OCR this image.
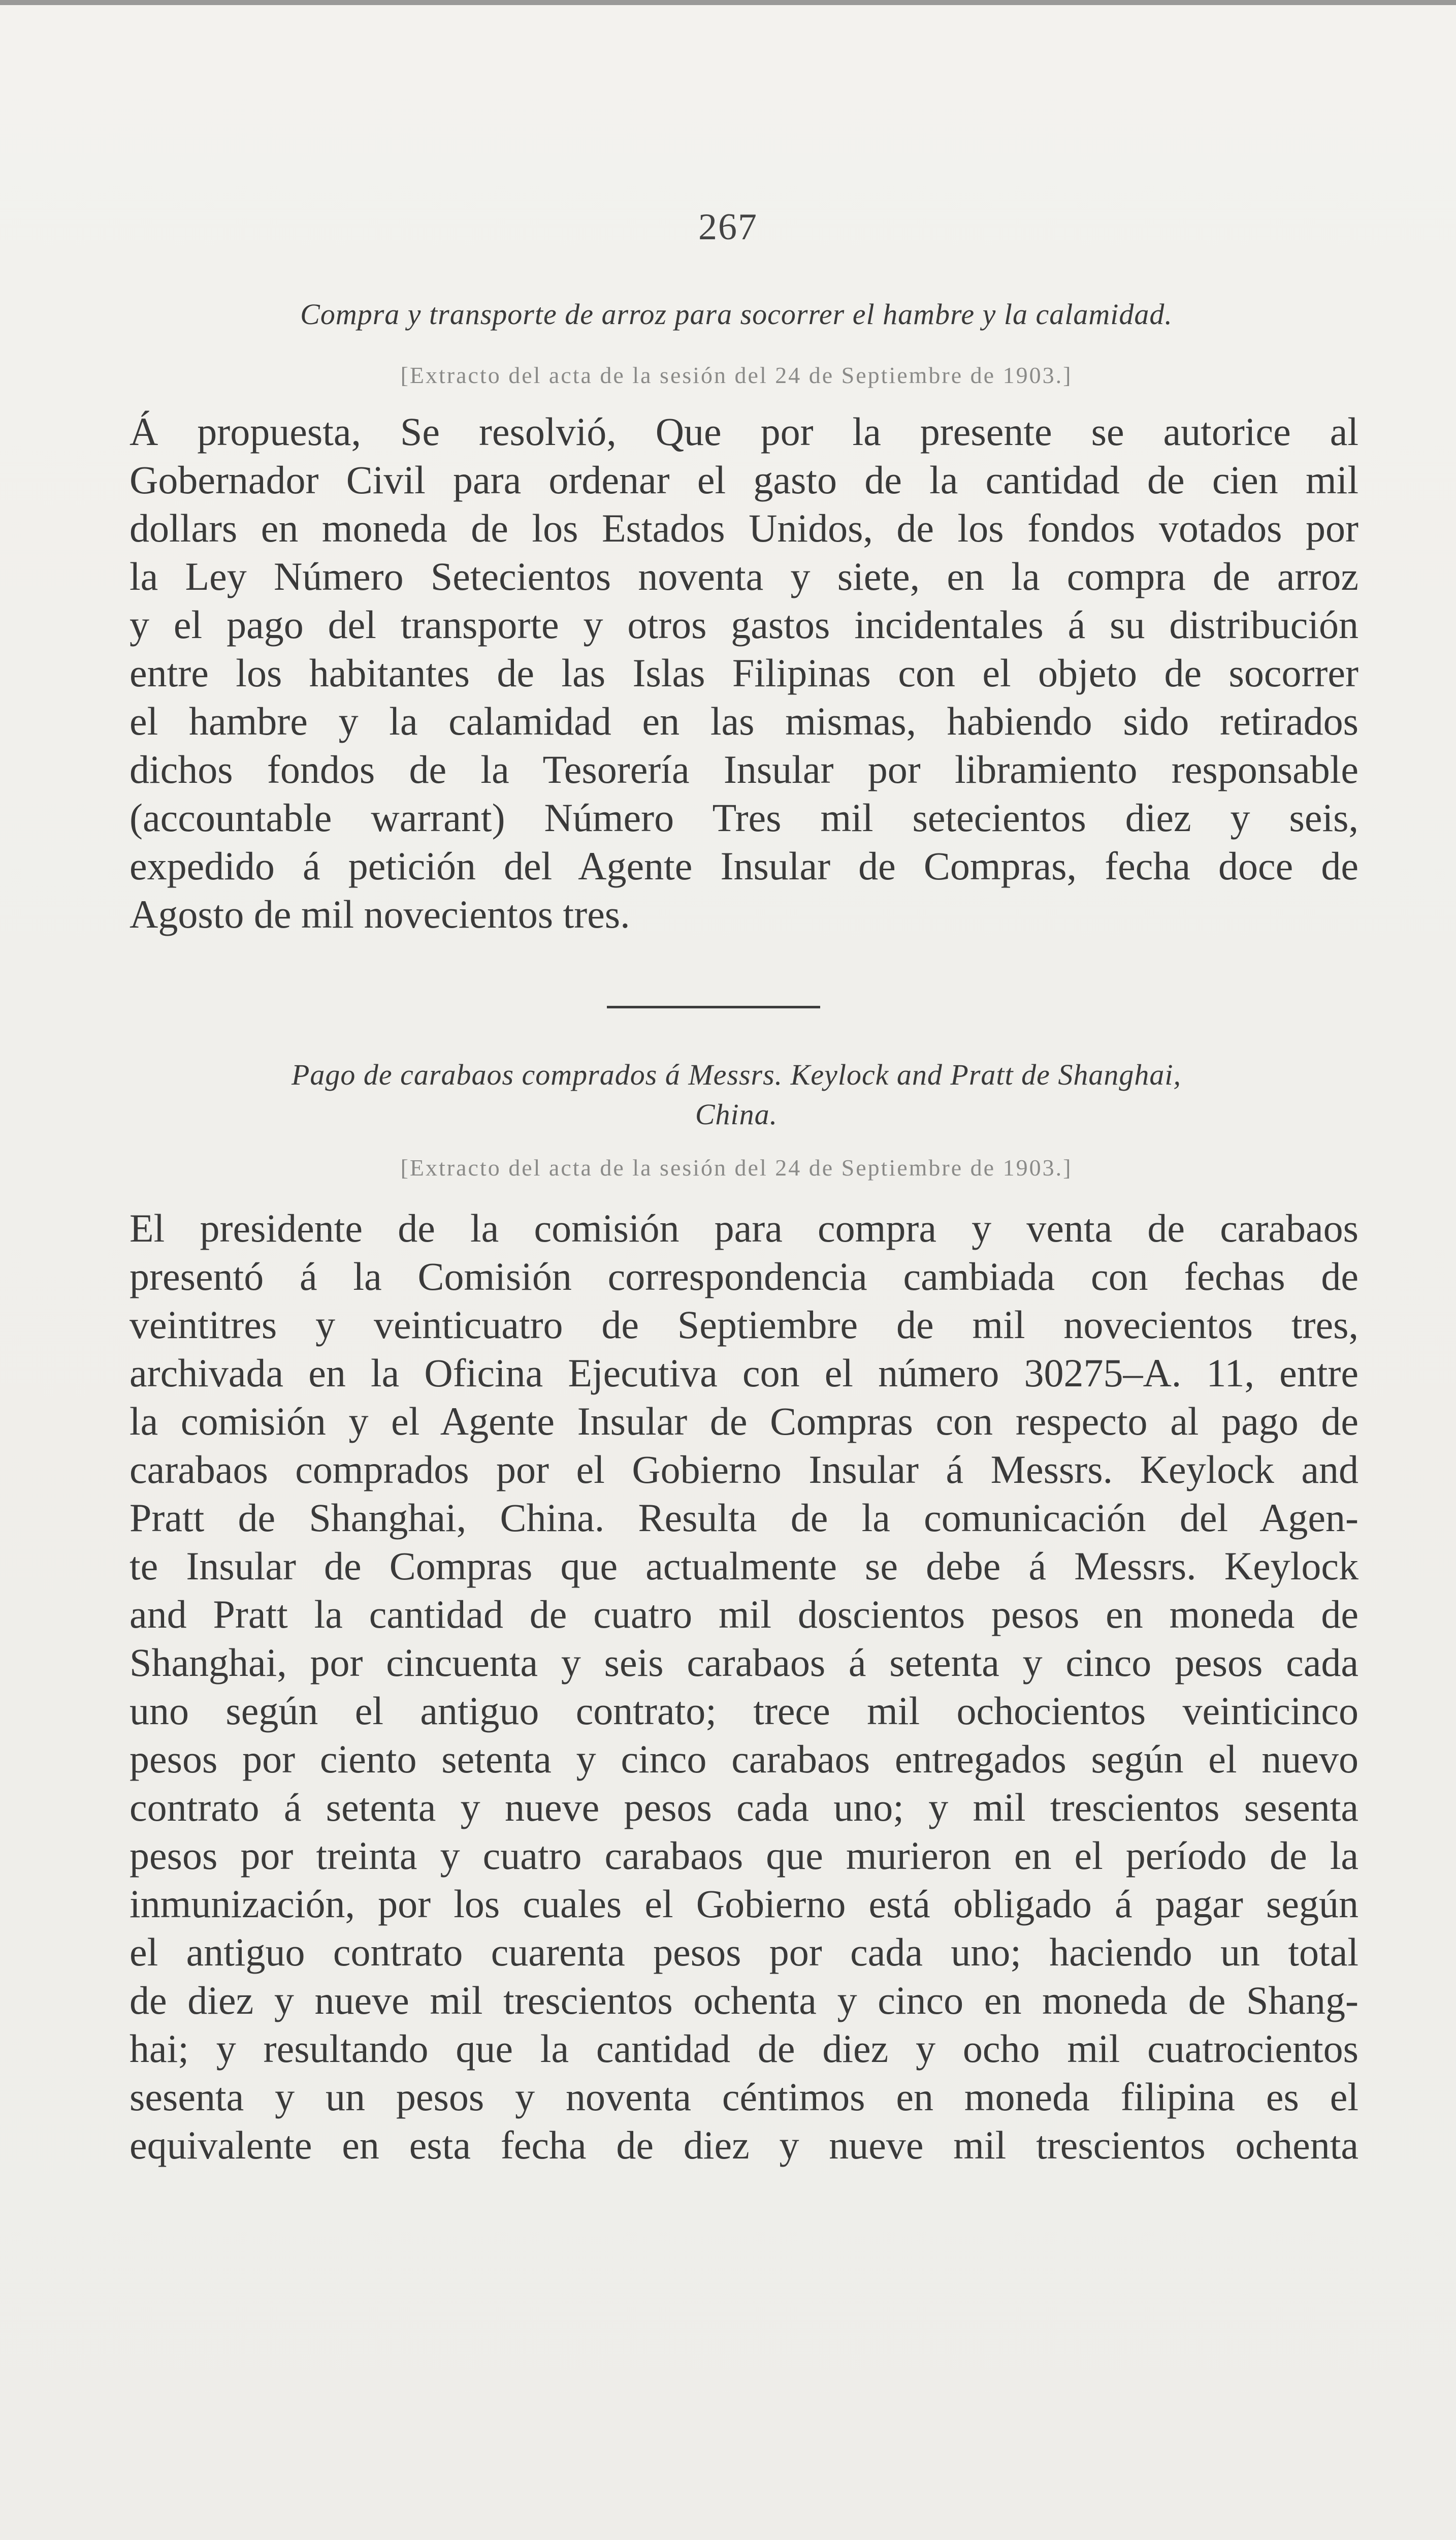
267
Compra y transporte de arroz para socorrer el hambre y la calamidad.
[Extracto del acta de la sesión del 24 de Septiembre de 1903.]
Á propuesta, Se resolvió, Que por la presente se autorice al
Gobernador Civil para ordenar el gasto de la cantidad de cien mil
dollars en moneda de los Estados Unidos, de los fondos votados por
la Ley Número Setecientos noventa y siete, en la compra de arroz
y el pago del transporte y otros gastos incidentales á su distribución
entre los habitantes de las Islas Filipinas con el objeto de socorrer
el hambre y la calamidad en las mismas, habiendo sido retirados
dichos fondos de la Tesorería Insular por libramiento responsable
(accountable warrant) Número Tres mil setecientos diez y seis,
expedido á petición del Agente Insular de Compras, fecha doce de
Agosto de mil novecientos tres.
Pago de carabaos comprados á Messrs. Keylock and Pratt de Shanghai,
China.
[Extracto del acta de la sesión del 24 de Septiembre de 1903.]
El presidente de la comisión para compra y venta de carabaos
presentó á la Comisión correspondencia cambiada con fechas de
veintitres y veinticuatro de Septiembre de mil novecientos tres,
archivada en la Oficina Ejecutiva con el número 30275–A. 11, entre
la comisión y el Agente Insular de Compras con respecto al pago de
carabaos comprados por el Gobierno Insular á Messrs. Keylock and
Pratt de Shanghai, China. Resulta de la comunicación del Agen-
te Insular de Compras que actualmente se debe á Messrs. Keylock
and Pratt la cantidad de cuatro mil doscientos pesos en moneda de
Shanghai, por cincuenta y seis carabaos á setenta y cinco pesos cada
uno según el antiguo contrato; trece mil ochocientos veinticinco
pesos por ciento setenta y cinco carabaos entregados según el nuevo
contrato á setenta y nueve pesos cada uno; y mil trescientos sesenta
pesos por treinta y cuatro carabaos que murieron en el período de la
inmunización, por los cuales el Gobierno está obligado á pagar según
el antiguo contrato cuarenta pesos por cada uno; haciendo un total
de diez y nueve mil trescientos ochenta y cinco en moneda de Shang-
hai; y resultando que la cantidad de diez y ocho mil cuatrocientos
sesenta y un pesos y noventa céntimos en moneda filipina es el
equivalente en esta fecha de diez y nueve mil trescientos ochenta
